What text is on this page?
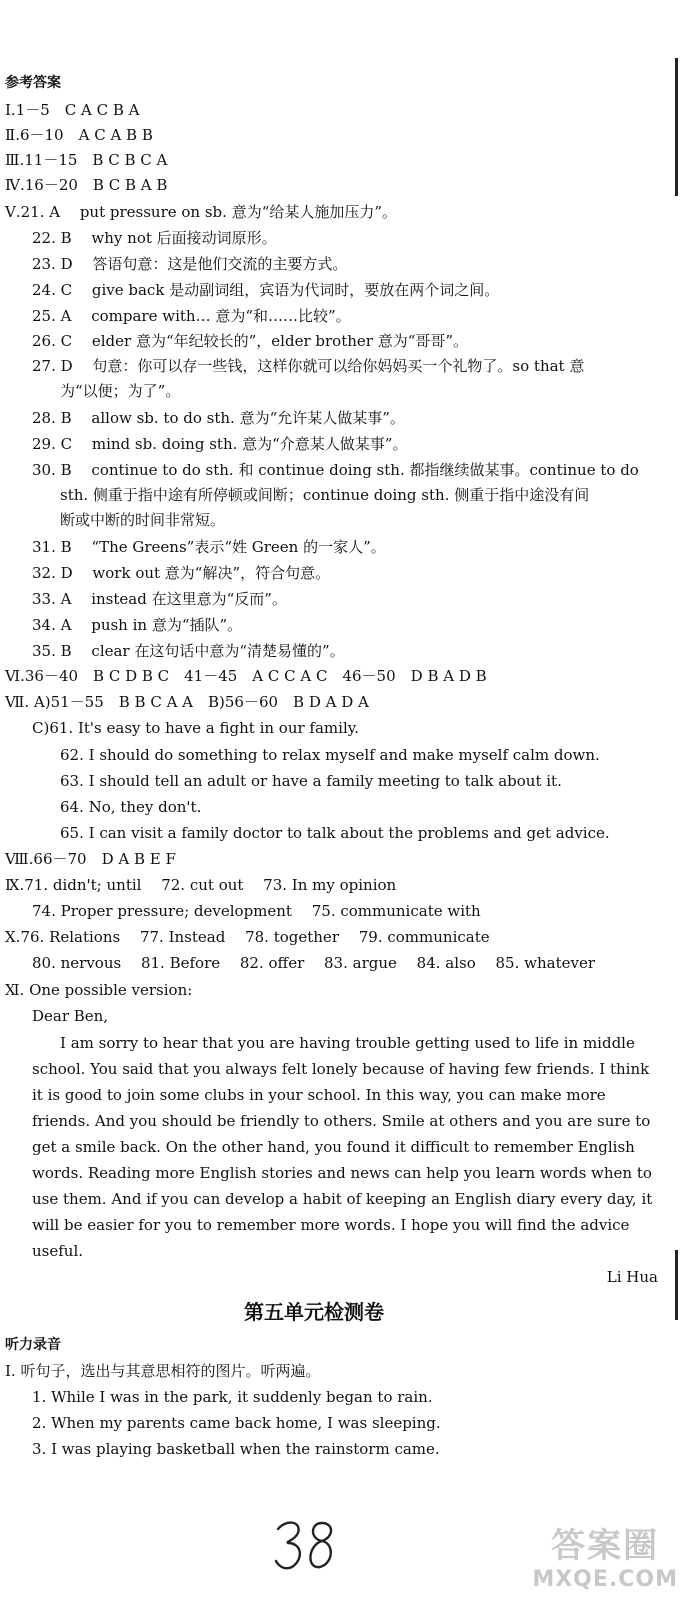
参考答案
Ⅰ.1－5　C A C B A
Ⅱ.6－10　A C A B B
Ⅲ.11－15　B C B C A
Ⅳ.16－20　B C B A B
Ⅴ.21. A　 put pressure on sb. 意为“给某人施加压力”。
22. B　 why not 后面接动词原形。
23. D　 答语句意：这是他们交流的主要方式。
24. C　 give back 是动副词组，宾语为代词时，要放在两个词之间。
25. A　 compare with… 意为“和……比较”。
26. C　 elder 意为“年纪较长的”，elder brother 意为“哥哥”。
27. D　 句意：你可以存一些钱，这样你就可以给你妈妈买一个礼物了。so that 意
为“以便；为了”。
28. B　 allow sb. to do sth. 意为“允许某人做某事”。
29. C　 mind sb. doing sth. 意为“介意某人做某事”。
30. B　 continue to do sth. 和 continue doing sth. 都指继续做某事。continue to do
sth. 侧重于指中途有所停顿或间断；continue doing sth. 侧重于指中途没有间
断或中断的时间非常短。
31. B　 “The Greens”表示“姓 Green 的一家人”。
32. D　 work out 意为“解决”，符合句意。
33. A　 instead 在这里意为“反而”。
34. A　 push in 意为“插队”。
35. B　 clear 在这句话中意为“清楚易懂的”。
Ⅵ.36－40　B C D B C　41－45　A C C A C　46－50　D B A D B
Ⅶ. A)51－55　B B C A A　B)56－60　B D A D A
C)61. It's easy to have a fight in our family.
62. I should do something to relax myself and make myself calm down.
63. I should tell an adult or have a family meeting to talk about it.
64. No, they don't.
65. I can visit a family doctor to talk about the problems and get advice.
Ⅷ.66－70　D A B E F
Ⅸ.71. didn't; until　 72. cut out　 73. In my opinion
74. Proper pressure; development　 75. communicate with
Ⅹ.76. Relations　 77. Instead　 78. together　 79. communicate
80. nervous　 81. Before　 82. offer　 83. argue　 84. also　 85. whatever
Ⅺ. One possible version:
Dear Ben,
I am sorry to hear that you are having trouble getting used to life in middle
school. You said that you always felt lonely because of having few friends. I think
it is good to join some clubs in your school. In this way, you can make more
friends. And you should be friendly to others. Smile at others and you are sure to
get a smile back. On the other hand, you found it difficult to remember English
words. Reading more English stories and news can help you learn words when to
use them. And if you can develop a habit of keeping an English diary every day, it
will be easier for you to remember more words. I hope you will find the advice
useful.
Li Hua
第五单元检测卷
听力录音
Ⅰ. 听句子，选出与其意思相符的图片。听两遍。
1. While I was in the park, it suddenly began to rain.
2. When my parents came back home, I was sleeping.
3. I was playing basketball when the rainstorm came.
答案圈
MXQE.COM
